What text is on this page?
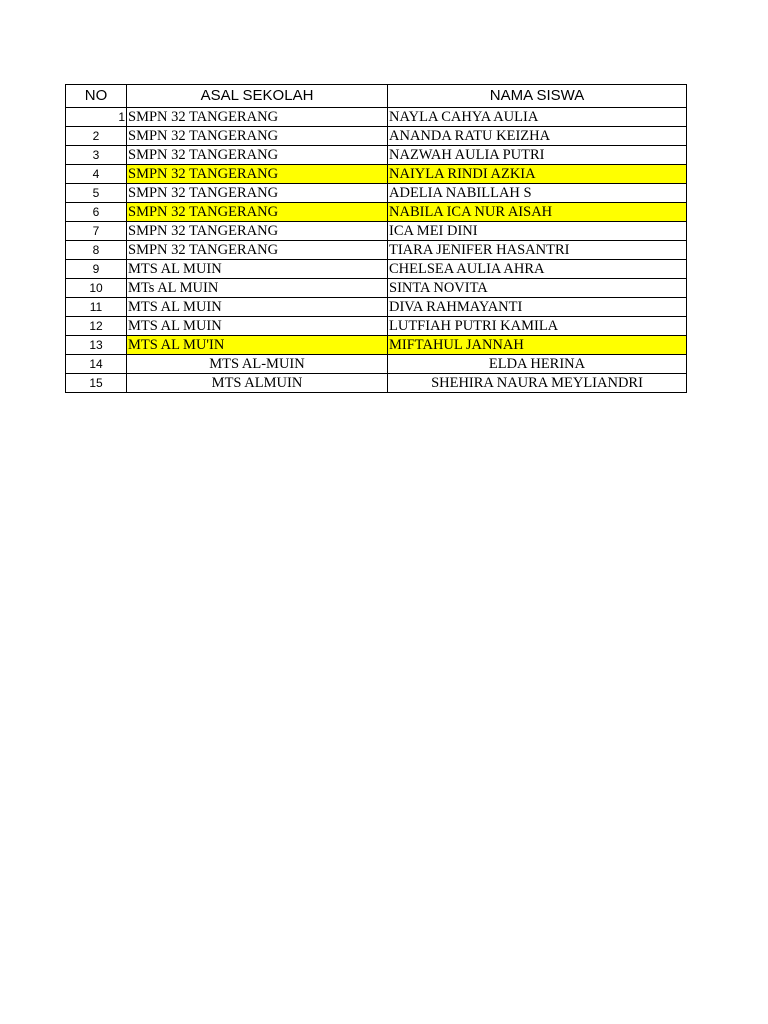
NO	ASAL SEKOLAH	NAMA SISWA
1	SMPN 32 TANGERANG	NAYLA CAHYA AULIA
2	SMPN 32 TANGERANG	ANANDA RATU KEIZHA
3	SMPN 32 TANGERANG	NAZWAH AULIA PUTRI
4	SMPN 32 TANGERANG	NAIYLA RINDI AZKIA
5	SMPN 32 TANGERANG	ADELIA NABILLAH S
6	SMPN 32 TANGERANG	NABILA ICA NUR AISAH
7	SMPN 32 TANGERANG	ICA MEI DINI
8	SMPN 32 TANGERANG	TIARA JENIFER HASANTRI
9	MTS AL MUIN	CHELSEA AULIA AHRA
10	MTs AL MUIN	SINTA NOVITA
11	MTS AL MUIN	DIVA RAHMAYANTI
12	MTS AL MUIN	LUTFIAH PUTRI KAMILA
13	MTS AL MU'IN	MIFTAHUL JANNAH
14	MTS AL-MUIN	ELDA HERINA
15	MTS ALMUIN	SHEHIRA NAURA MEYLIANDRI
